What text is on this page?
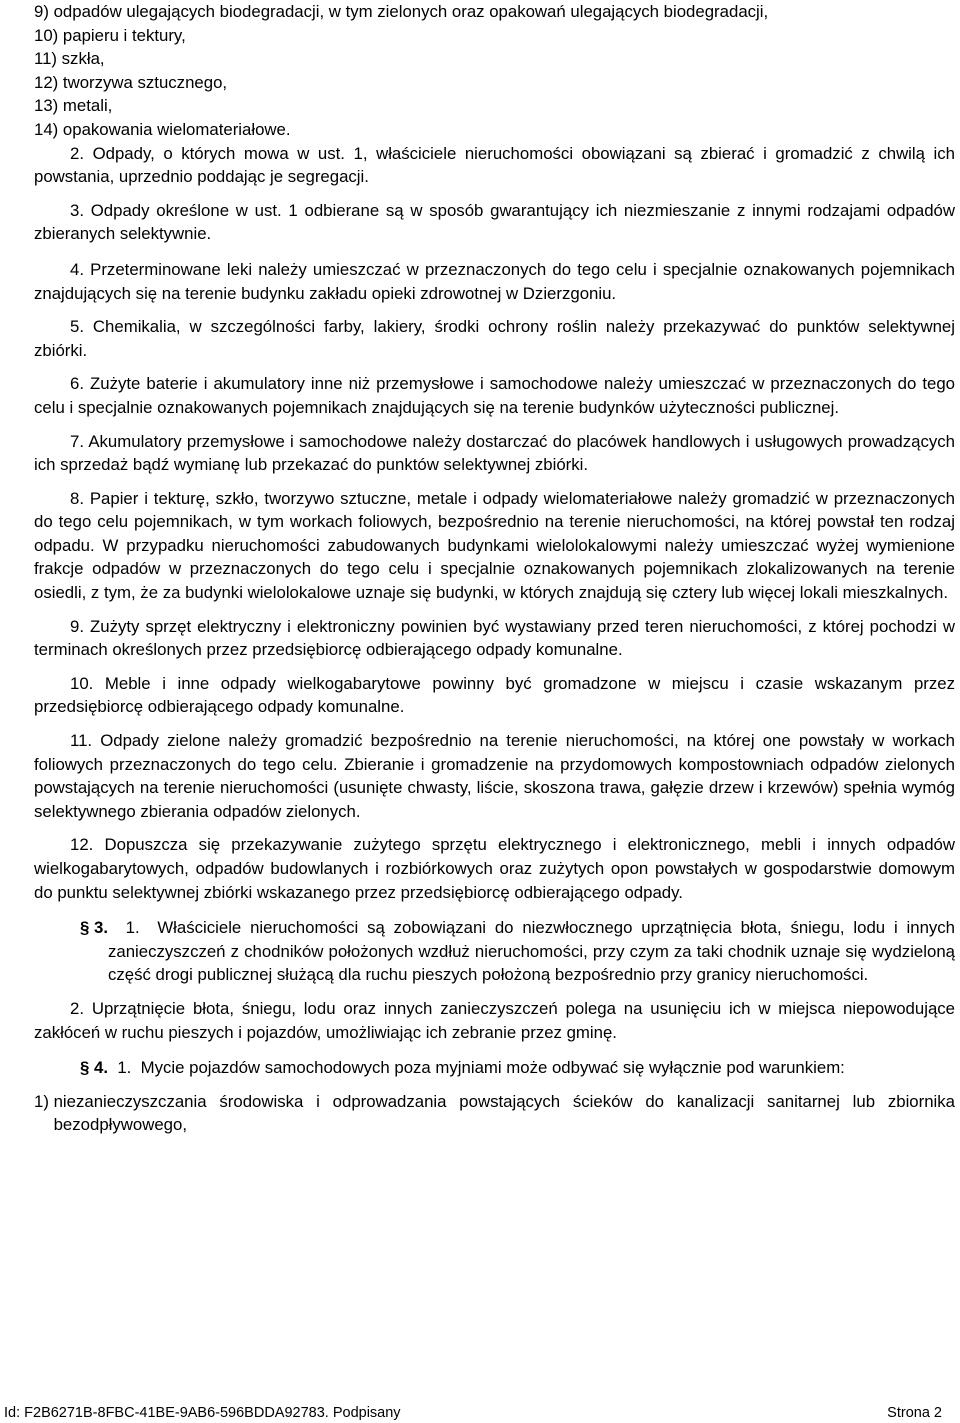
9) odpadów ulegających biodegradacji, w tym zielonych oraz opakowań ulegających biodegradacji,

10) papieru i tektury,

11) szkła,

12) tworzywa sztucznego,

13) metali,

14) opakowania wielomateriałowe.

2. Odpady, o których mowa w ust. 1, właściciele nieruchomości obowiązani są zbierać i gromadzić z chwilą ich powstania, uprzednio poddając je segregacji.

3. Odpady określone w ust. 1 odbierane są w sposób gwarantujący ich niezmieszanie z innymi rodzajami odpadów zbieranych selektywnie.

4. Przeterminowane leki należy umieszczać w przeznaczonych do tego celu i specjalnie oznakowanych pojemnikach znajdujących się na terenie budynku zakładu opieki zdrowotnej w Dzierzgoniu.

5. Chemikalia, w szczególności farby, lakiery, środki ochrony roślin należy przekazywać do punktów selektywnej zbiórki.

6. Zużyte baterie i akumulatory inne niż przemysłowe i samochodowe należy umieszczać w przeznaczonych do tego celu i specjalnie oznakowanych pojemnikach znajdujących się na terenie budynków użyteczności publicznej.

7. Akumulatory przemysłowe i samochodowe należy dostarczać do placówek handlowych i usługowych prowadzących ich sprzedaż bądź wymianę lub przekazać do punktów selektywnej zbiórki.

8. Papier i tekturę, szkło, tworzywo sztuczne, metale i odpady wielomateriałowe należy gromadzić w przeznaczonych do tego celu pojemnikach, w tym workach foliowych, bezpośrednio na terenie nieruchomości, na której powstał ten rodzaj odpadu. W przypadku nieruchomości zabudowanych budynkami wielolokalowymi należy umieszczać wyżej wymienione frakcje odpadów w przeznaczonych do tego celu i specjalnie oznakowanych pojemnikach zlokalizowanych na terenie osiedli, z tym, że za budynki wielolokalowe uznaje się budynki, w których znajdują się cztery lub więcej lokali mieszkalnych.

9. Zużyty sprzęt elektryczny i elektroniczny powinien być wystawiany przed teren nieruchomości, z której pochodzi w terminach określonych przez przedsiębiorcę odbierającego odpady komunalne.

10. Meble i inne odpady wielkogabarytowe powinny być gromadzone w miejscu i czasie wskazanym przez przedsiębiorcę odbierającego odpady komunalne.

11. Odpady zielone należy gromadzić bezpośrednio na terenie nieruchomości, na której one powstały w workach foliowych przeznaczonych do tego celu. Zbieranie i gromadzenie na przydomowych kompostowniach odpadów zielonych powstających na terenie nieruchomości (usunięte chwasty, liście, skoszona trawa, gałęzie drzew i krzewów) spełnia wymóg selektywnego zbierania odpadów zielonych.

12. Dopuszcza się przekazywanie zużytego sprzętu elektrycznego i elektronicznego, mebli i innych odpadów wielkogabarytowych, odpadów budowlanych i rozbiórkowych oraz zużytych opon powstałych w gospodarstwie domowym do punktu selektywnej zbiórki wskazanego przez przedsiębiorcę odbierającego odpady.

§ 3.	1. Właściciele nieruchomości są zobowiązani do niezwłocznego uprzątnięcia błota, śniegu, lodu i innych zanieczyszczeń z chodników położonych wzdłuż nieruchomości, przy czym za taki chodnik uznaje się wydzieloną część drogi publicznej służącą dla ruchu pieszych położoną bezpośrednio przy granicy nieruchomości.

2. Uprzątnięcie błota, śniegu, lodu oraz innych zanieczyszczeń polega na usunięciu ich w miejsca niepowodujące zakłóceń w ruchu pieszych i pojazdów, umożliwiając ich zebranie przez gminę.

§ 4. 1. Mycie pojazdów samochodowych poza myjniami może odbywać się wyłącznie pod warunkiem:
1) niezanieczyszczania środowiska i odprowadzania powstających ścieków do kanalizacji sanitarnej lub zbiornika bezodpływowego,
Id: F2B6271B-8FBC-41BE-9AB6-596BDDA92783. Podpisany	Strona 2
